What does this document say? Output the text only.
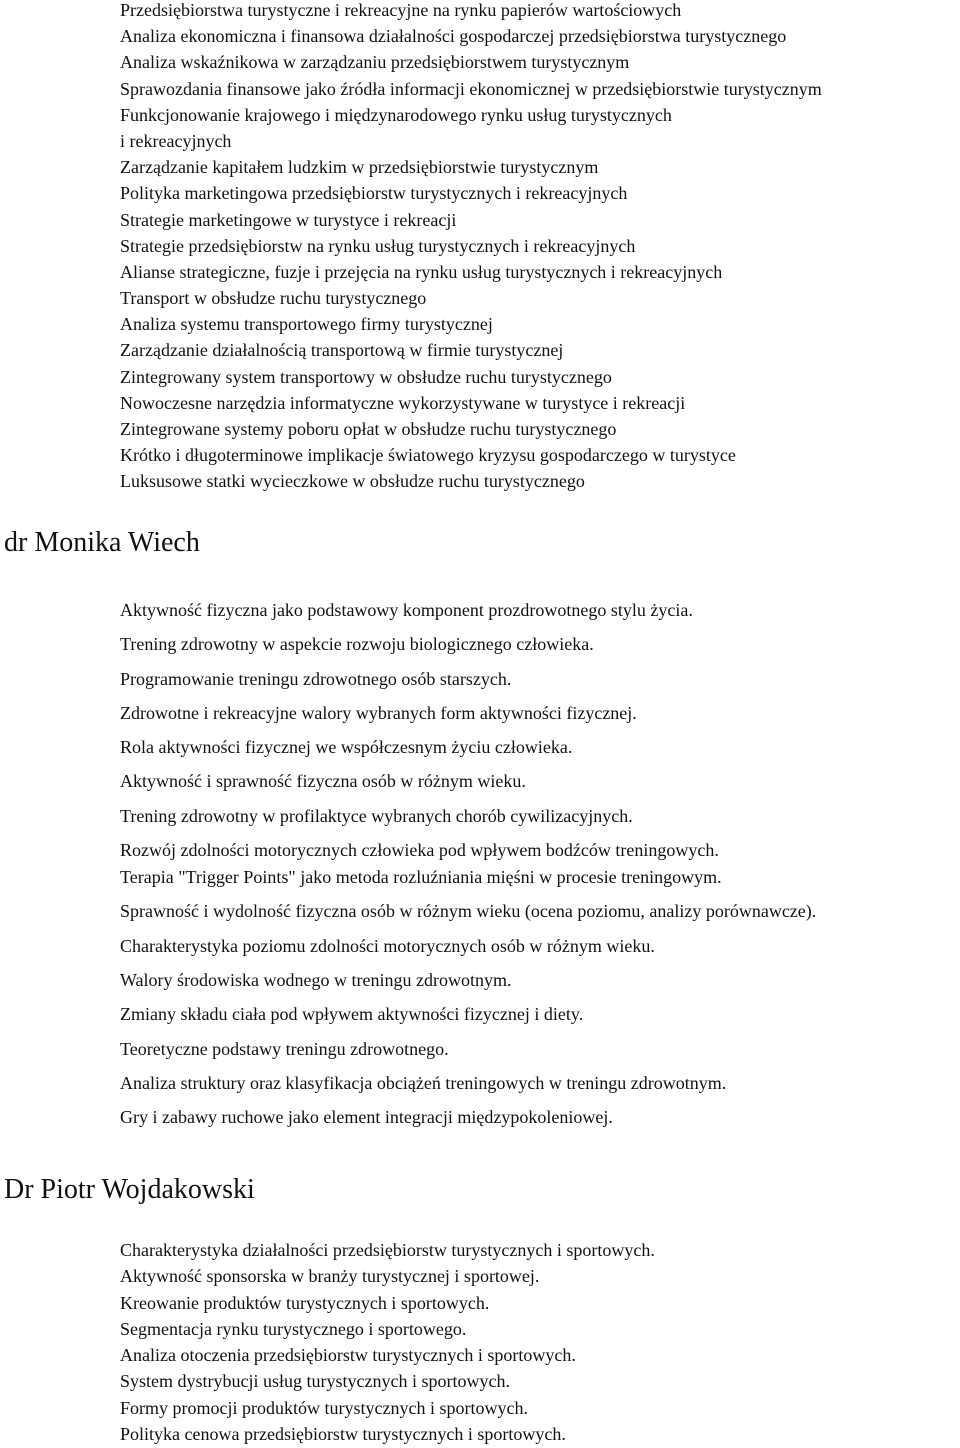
Przedsiębiorstwa turystyczne i rekreacyjne na rynku papierów wartościowych
Analiza ekonomiczna i finansowa działalności gospodarczej przedsiębiorstwa turystycznego
Analiza wskaźnikowa w zarządzaniu przedsiębiorstwem turystycznym
Sprawozdania finansowe jako źródła informacji ekonomicznej w przedsiębiorstwie turystycznym
Funkcjonowanie krajowego i międzynarodowego rynku usług turystycznych
i rekreacyjnych
Zarządzanie kapitałem ludzkim w przedsiębiorstwie turystycznym
Polityka marketingowa przedsiębiorstw turystycznych i rekreacyjnych
Strategie marketingowe w turystyce i rekreacji
Strategie przedsiębiorstw na rynku usług turystycznych i rekreacyjnych
Alianse strategiczne, fuzje i przejęcia na rynku usług turystycznych i rekreacyjnych
Transport w obsłudze ruchu turystycznego
Analiza systemu transportowego firmy turystycznej
Zarządzanie działalnością transportową w firmie turystycznej
Zintegrowany system transportowy w obsłudze ruchu turystycznego
Nowoczesne narzędzia informatyczne wykorzystywane w turystyce i rekreacji
Zintegrowane systemy poboru opłat w obsłudze ruchu turystycznego
Krótko i długoterminowe implikacje światowego kryzysu gospodarczego w turystyce
Luksusowe statki wycieczkowe w obsłudze ruchu turystycznego
dr Monika Wiech
Aktywność fizyczna jako podstawowy komponent prozdrowotnego stylu życia.
Trening zdrowotny w aspekcie rozwoju biologicznego człowieka.
Programowanie treningu zdrowotnego osób starszych.
Zdrowotne i rekreacyjne walory wybranych form aktywności fizycznej.
Rola aktywności fizycznej we współczesnym życiu człowieka.
Aktywność i sprawność fizyczna osób w różnym wieku.
Trening zdrowotny w profilaktyce wybranych chorób cywilizacyjnych.
Rozwój zdolności motorycznych człowieka pod wpływem bodźców treningowych.
Terapia "Trigger Points" jako metoda rozluźniania mięśni w procesie treningowym.
Sprawność i wydolność fizyczna osób w różnym wieku (ocena poziomu, analizy porównawcze).
Charakterystyka poziomu zdolności motorycznych osób w różnym wieku.
Walory środowiska wodnego w treningu zdrowotnym.
Zmiany składu ciała pod wpływem aktywności fizycznej i diety.
Teoretyczne podstawy treningu zdrowotnego.
Analiza struktury oraz klasyfikacja obciążeń treningowych w treningu zdrowotnym.
Gry i zabawy ruchowe jako element integracji międzypokoleniowej.
Dr Piotr Wojdakowski
Charakterystyka działalności przedsiębiorstw turystycznych i sportowych.
Aktywność sponsorska w branży turystycznej i sportowej.
Kreowanie produktów turystycznych i sportowych.
Segmentacja rynku turystycznego i sportowego.
Analiza otoczenia przedsiębiorstw turystycznych i sportowych.
System dystrybucji usług turystycznych i sportowych.
Formy promocji produktów turystycznych i sportowych.
Polityka cenowa przedsiębiorstw turystycznych i sportowych.
